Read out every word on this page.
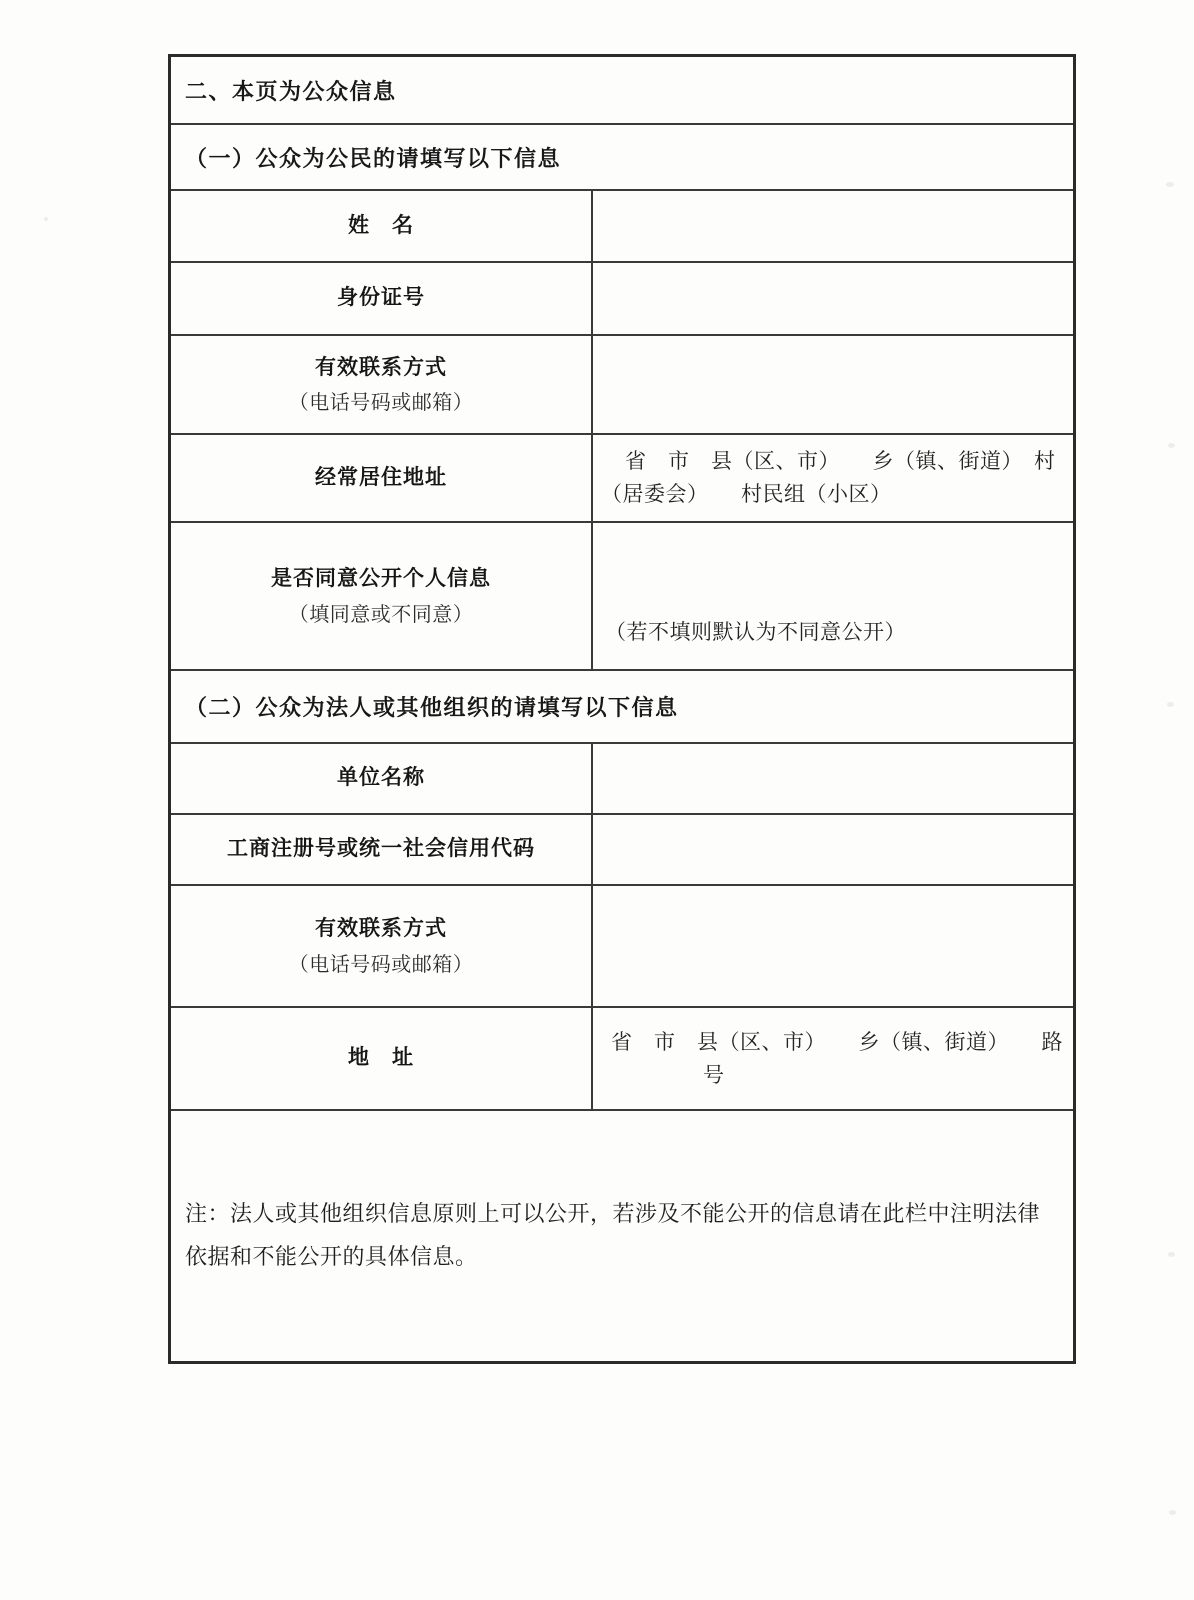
二、本页为公众信息
（一）公众为公民的请填写以下信息
姓　名
身份证号
有效联系方式
（电话号码或邮箱）
经常居住地址
省　市　县（区、市）　　乡（镇、街道）　村
（居委会）　　村民组（小区）
是否同意公开个人信息
（填同意或不同意）
（若不填则默认为不同意公开）
（二）公众为法人或其他组织的请填写以下信息
单位名称
工商注册号或统一社会信用代码
有效联系方式
（电话号码或邮箱）
地　址
省　市　县（区、市）　　乡（镇、街道）　　路
号
注：法人或其他组织信息原则上可以公开，若涉及不能公开的信息请在此栏中注明法律依据和不能公开的具体信息。
